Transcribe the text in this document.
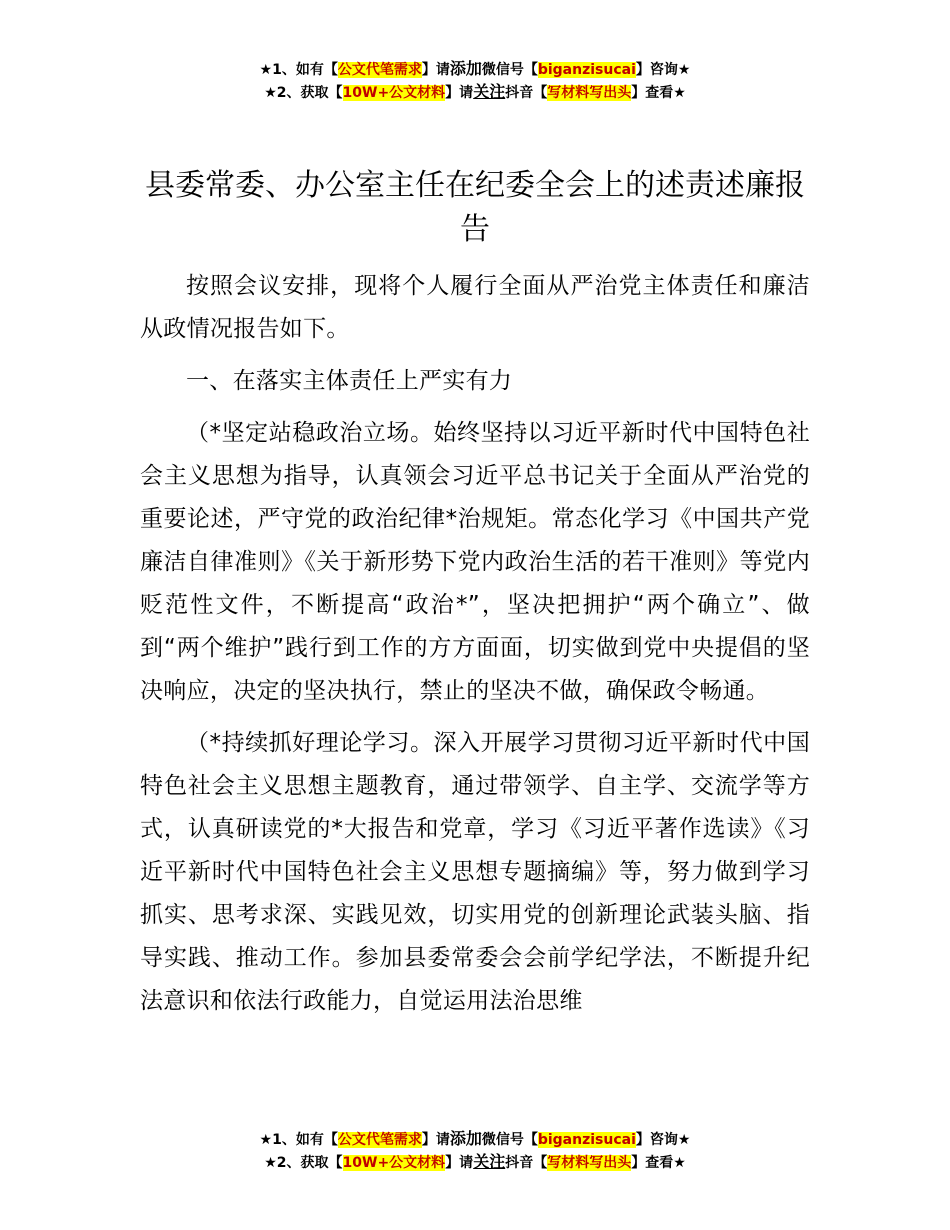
★1、如有【公文代笔需求】请添加微信号【biganzisucai】咨询★
★2、获取【10W+公文材料】请关注抖音【写材料写出头】查看★
县委常委、办公室主任在纪委全会上的述责述廉报告

按照会议安排，现将个人履行全面从严治党主体责任和廉洁从政情况报告如下。

一、在落实主体责任上严实有力

（*坚定站稳政治立场。始终坚持以习近平新时代中国特色社会主义思想为指导，认真领会习近平总书记关于全面从严治党的重要论述，严守党的政治纪律*治规矩。常态化学习《中国共产党廉洁自律准则》《关于新形势下党内政治生活的若干准则》等党内贬范性文件，不断提高“政治*”，坚决把拥护“两个确立”、做到“两个维护”践行到工作的方方面面，切实做到党中央提倡的坚决响应，决定的坚决执行，禁止的坚决不做，确保政令畅通。

（*持续抓好理论学习。深入开展学习贯彻习近平新时代中国特色社会主义思想主题教育，通过带领学、自主学、交流学等方式，认真研读党的*大报告和党章，学习《习近平著作选读》《习近平新时代中国特色社会主义思想专题摘编》等，努力做到学习抓实、思考求深、实践见效，切实用党的创新理论武装头脑、指导实践、推动工作。参加县委常委会会前学纪学法，不断提升纪法意识和依法行政能力，自觉运用法治思维

★1、如有【公文代笔需求】请添加微信号【biganzisucai】咨询★
★2、获取【10W+公文材料】请关注抖音【写材料写出头】查看★
